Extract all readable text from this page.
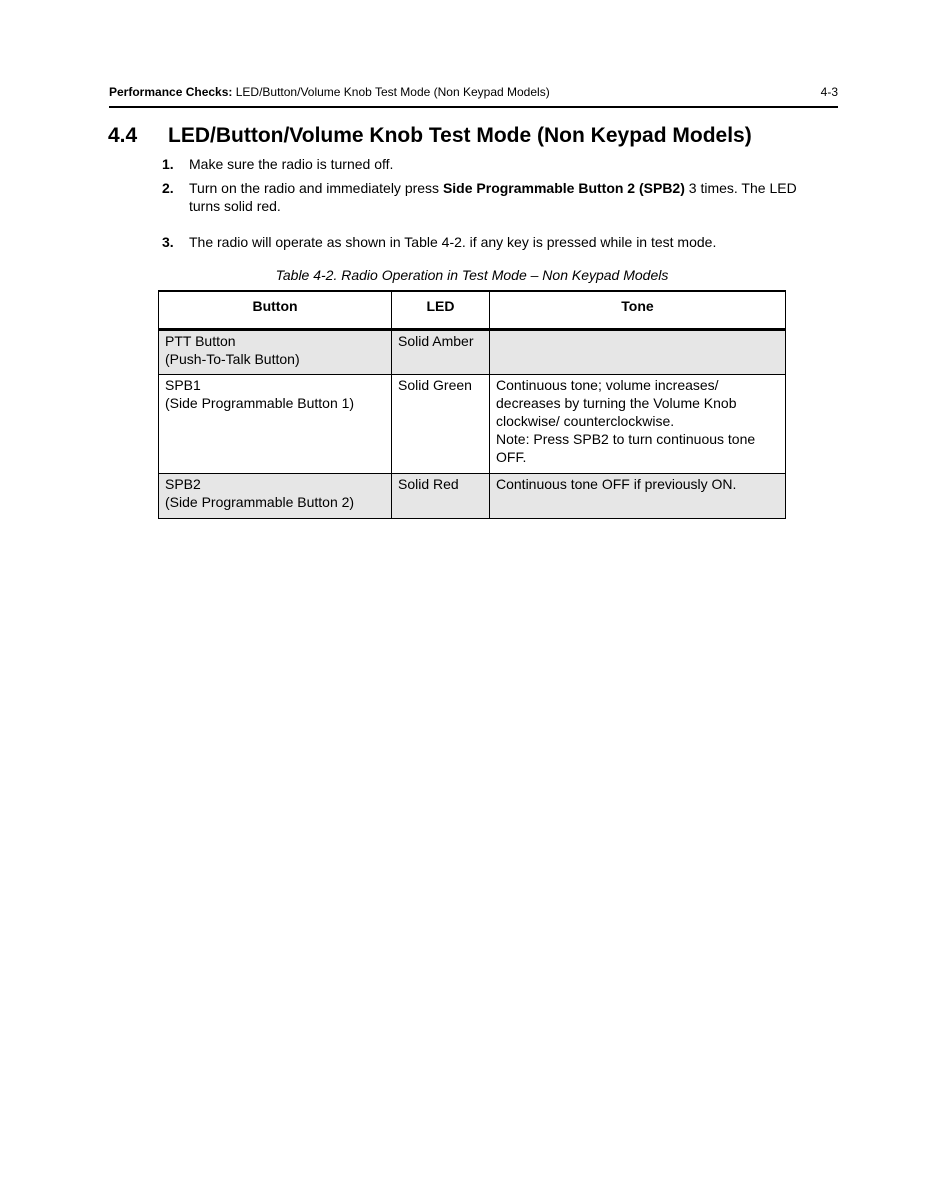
Performance Checks: LED/Button/Volume Knob Test Mode (Non Keypad Models)	4-3
4.4 LED/Button/Volume Knob Test Mode (Non Keypad Models)
1. Make sure the radio is turned off.
2. Turn on the radio and immediately press Side Programmable Button 2 (SPB2) 3 times. The LED turns solid red.
3. The radio will operate as shown in Table 4-2. if any key is pressed while in test mode.
Table 4-2. Radio Operation in Test Mode – Non Keypad Models
Button	LED	Tone

PTT Button
(Push-To-Talk Button)	Solid Amber	

SPB1
(Side Programmable Button 1)	Solid Green	Continuous tone; volume increases/ decreases by turning the Volume Knob clockwise/ counterclockwise.
Note: Press SPB2 to turn continuous tone OFF.

SPB2
(Side Programmable Button 2)	Solid Red	Continuous tone OFF if previously ON.
